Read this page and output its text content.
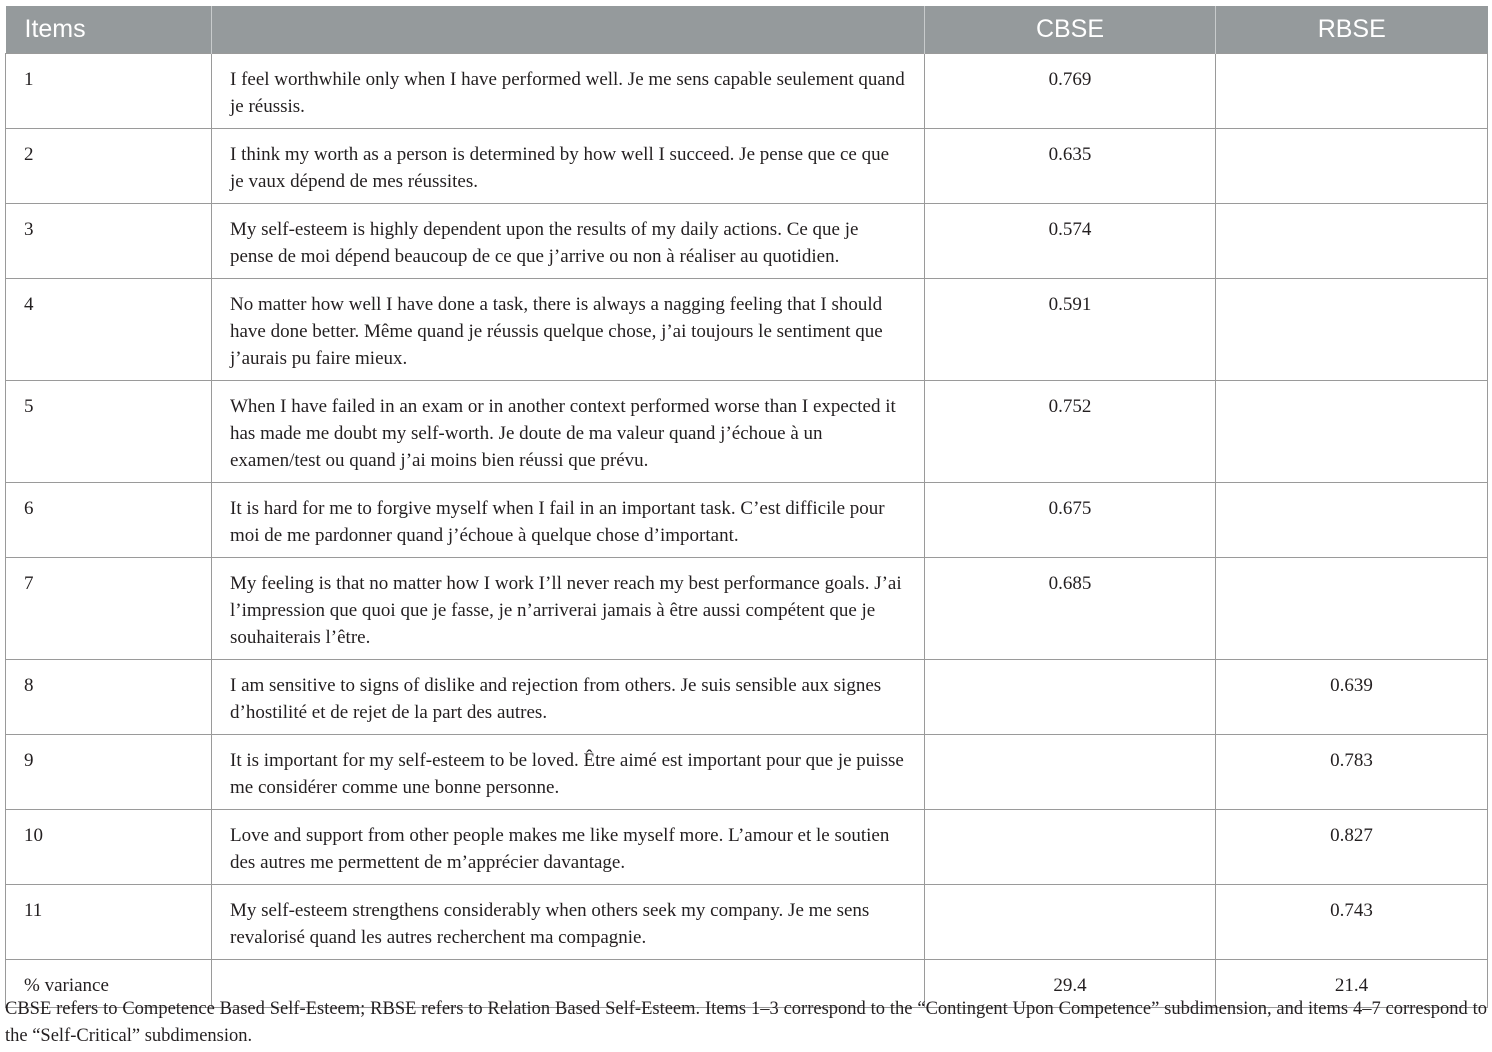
Items		CBSE	RBSE
1	I feel worthwhile only when I have performed well. Je me sens capable seulement quand je réussis.	0.769	
2	I think my worth as a person is determined by how well I succeed. Je pense que ce que je vaux dépend de mes réussites.	0.635	
3	My self-esteem is highly dependent upon the results of my daily actions. Ce que je pense de moi dépend beaucoup de ce que j’arrive ou non à réaliser au quotidien.	0.574	
4	No matter how well I have done a task, there is always a nagging feeling that I should have done better. Même quand je réussis quelque chose, j’ai toujours le sentiment que j’aurais pu faire mieux.	0.591	
5	When I have failed in an exam or in another context performed worse than I expected it has made me doubt my self-worth. Je doute de ma valeur quand j’échoue à un examen/test ou quand j’ai moins bien réussi que prévu.	0.752	
6	It is hard for me to forgive myself when I fail in an important task. C’est difficile pour moi de me pardonner quand j’échoue à quelque chose d’important.	0.675	
7	My feeling is that no matter how I work I’ll never reach my best performance goals. J’ai l’impression que quoi que je fasse, je n’arriverai jamais à être aussi compétent que je souhaiterais l’être.	0.685	
8	I am sensitive to signs of dislike and rejection from others. Je suis sensible aux signes d’hostilité et de rejet de la part des autres.		0.639
9	It is important for my self-esteem to be loved. Être aimé est important pour que je puisse me considérer comme une bonne personne.		0.783
10	Love and support from other people makes me like myself more. L’amour et le soutien des autres me permettent de m’apprécier davantage.		0.827
11	My self-esteem strengthens considerably when others seek my company. Je me sens revalorisé quand les autres recherchent ma compagnie.		0.743
% variance		29.4	21.4
CBSE refers to Competence Based Self-Esteem; RBSE refers to Relation Based Self-Esteem. Items 1–3 correspond to the “Contingent Upon Competence” subdimension, and items 4–7 correspond to the “Self-Critical” subdimension.
